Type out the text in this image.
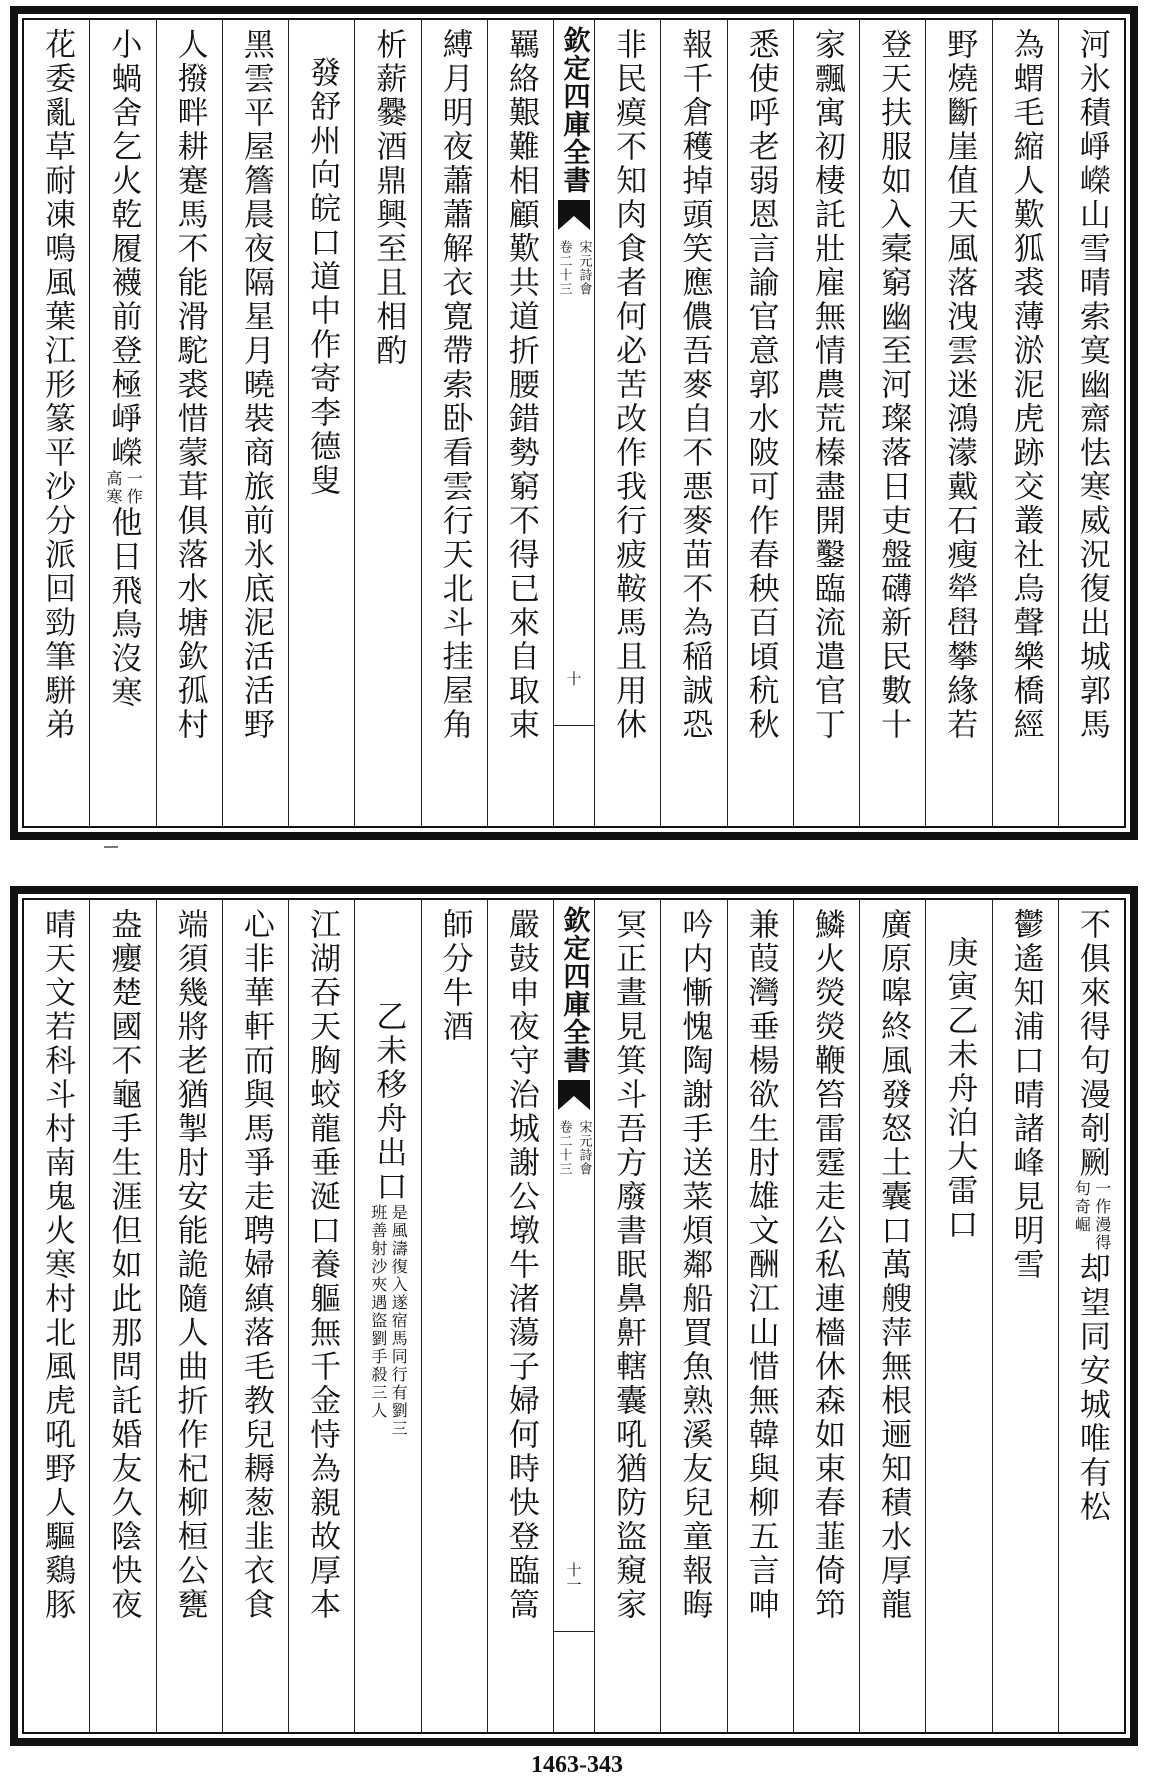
河氷積崢嶸山雪晴索寞幽齋怯寒威況復出城郭馬
為蝟毛縮人歎狐裘薄淤泥虎跡交叢社烏聲樂橋經
野燒斷崖值天風落洩雲迷鴻濛戴石瘦犖嶨攀緣若
登天扶服如入槖窮幽至河璨落日吏盤礴新民數十
家飄寓初棲託壯雇無情農荒榛盡開鑿臨流遣官丁
悉使呼老弱恩言諭官意郭水陂可作春秧百頃秔秋
報千倉穫掉頭笑應儂吾麥自不悪麥苗不為稲誠恐
非民瘼不知肉食者何必苦改作我行疲鞍馬且用休
欽定四庫全書
宋元詩會
卷二十三
十
羈絡艱難相顧歎共道折腰錯勢窮不得已來自取束
縛月明夜蕭蕭解衣寛帶索卧看雲行天北斗挂屋角
析薪爨酒鼎興至且相酌
發舒州向皖口道中作寄李德叟
黑雲平屋簷晨夜隔星月曉裝商旅前氷底泥活活野
人撥畔耕蹇馬不能滑駝裘惜蒙茸俱落水塘欽孤村
小蝸舍乞火乾履襪前登極崢嶸
一作
高寒
他日飛鳥沒寒
花委亂草耐凍鳴風葉江形篆平沙分派回勁筆駢弟
不俱來得句漫剞劂
一作漫得
句奇崛
却望同安城唯有松
鬱遙知浦口晴諸峰見明雪
庚寅乙未舟泊大雷口
廣原嗥終風發怒土囊口萬艘萍無根逦知積水厚龍
鱗火熒熒鞭笞雷霆走公私連檣休森如束春韮倚笻
兼葭灣垂楊欲生肘雄文酬江山惜無韓與柳五言呻
吟内慚愧陶謝手送菜煩鄰船買魚熟溪友兒童報晦
冥正晝見箕斗吾方廢書眠鼻鼾轄囊吼猶防盜窺家
欽定四庫全書
宋元詩會
卷二十三
十一
嚴鼓申夜守治城謝公墩牛渚蕩子婦何時快登臨篙
師分牛酒
乙未移舟出口
是風濤復入遂宿馬同行有劉三
班善射沙夾遇盜劉手殺三人
江湖吞天胸蛟龍垂涎口養軀無千金恃為親故厚本
心非華軒而與馬爭走聘婦縝落毛教兒耨葱韭衣食
端須幾將老猶掣肘安能詭隨人曲折作杞柳桓公甕
盎癭楚國不龜手生涯但如此那問託婚友久陰快夜
晴天文若科斗村南鬼火寒村北風虎吼野人驅鷄豚
1463-343
